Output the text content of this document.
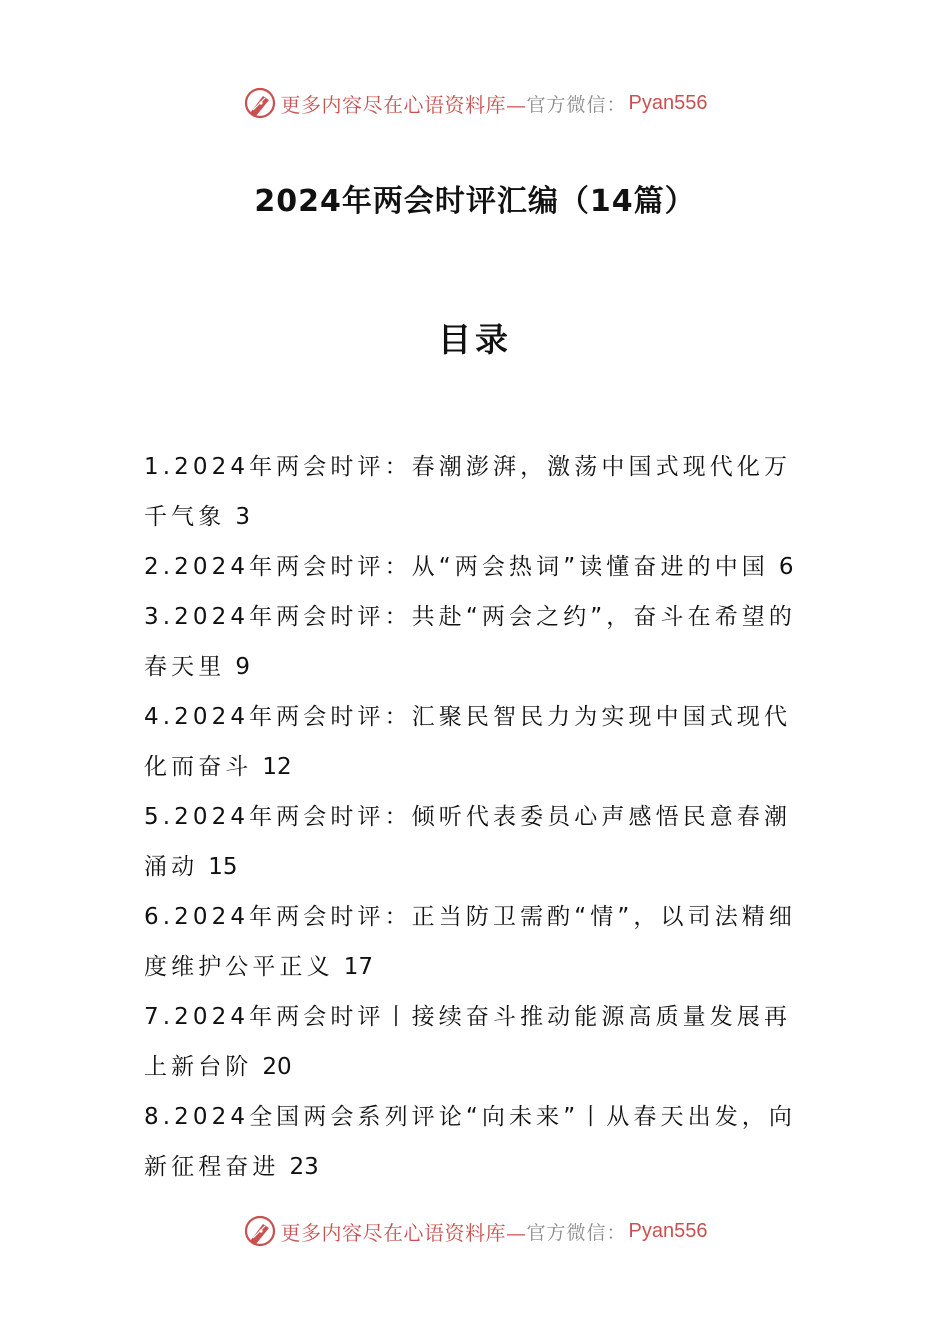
更多内容尽在心语资料库— 官方微信： Pyan556
2024年两会时评汇编（14篇）
目录
1.2024年两会时评：春潮澎湃，激荡中国式现代化万千气象 3
2.2024年两会时评：从“两会热词”读懂奋进的中国 6
3.2024年两会时评：共赴“两会之约”，奋斗在希望的春天里 9
4.2024年两会时评：汇聚民智民力为实现中国式现代化而奋斗 12
5.2024年两会时评：倾听代表委员心声感悟民意春潮涌动 15
6.2024年两会时评：正当防卫需酌“情”，以司法精细度维护公平正义 17
7.2024年两会时评丨接续奋斗推动能源高质量发展再上新台阶 20
8.2024全国两会系列评论“向未来”丨从春天出发，向新征程奋进 23
更多内容尽在心语资料库— 官方微信： Pyan556
